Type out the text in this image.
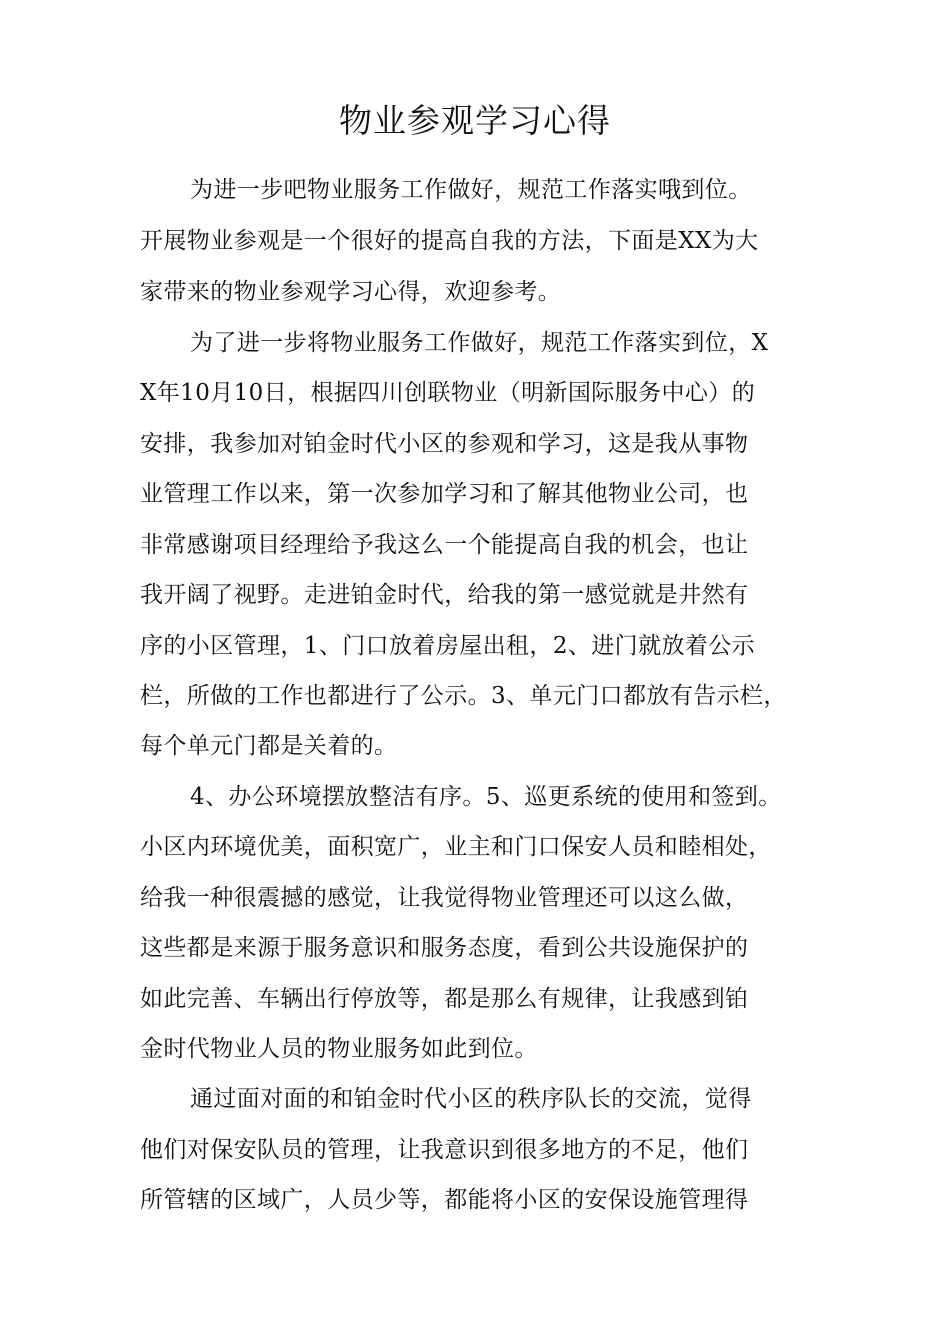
物业参观学习心得

为进一步吧物业服务工作做好，规范工作落实哦到位。

开展物业参观是一个很好的提高自我的方法，下面是XX为大

家带来的物业参观学习心得，欢迎参考。

为了进一步将物业服务工作做好，规范工作落实到位，X

X年10月10日，根据四川创联物业（明新国际服务中心）的

安排，我参加对铂金时代小区的参观和学习，这是我从事物

业管理工作以来，第一次参加学习和了解其他物业公司，也

非常感谢项目经理给予我这么一个能提高自我的机会，也让

我开阔了视野。走进铂金时代，给我的第一感觉就是井然有

序的小区管理，1、门口放着房屋出租，2、进门就放着公示

栏，所做的工作也都进行了公示。3、单元门口都放有告示栏，

每个单元门都是关着的。

4、办公环境摆放整洁有序。5、巡更系统的使用和签到。

小区内环境优美，面积宽广，业主和门口保安人员和睦相处，

给我一种很震撼的感觉，让我觉得物业管理还可以这么做，

这些都是来源于服务意识和服务态度，看到公共设施保护的

如此完善、车辆出行停放等，都是那么有规律，让我感到铂

金时代物业人员的物业服务如此到位。

通过面对面的和铂金时代小区的秩序队长的交流，觉得

他们对保安队员的管理，让我意识到很多地方的不足，他们

所管辖的区域广，人员少等，都能将小区的安保设施管理得
